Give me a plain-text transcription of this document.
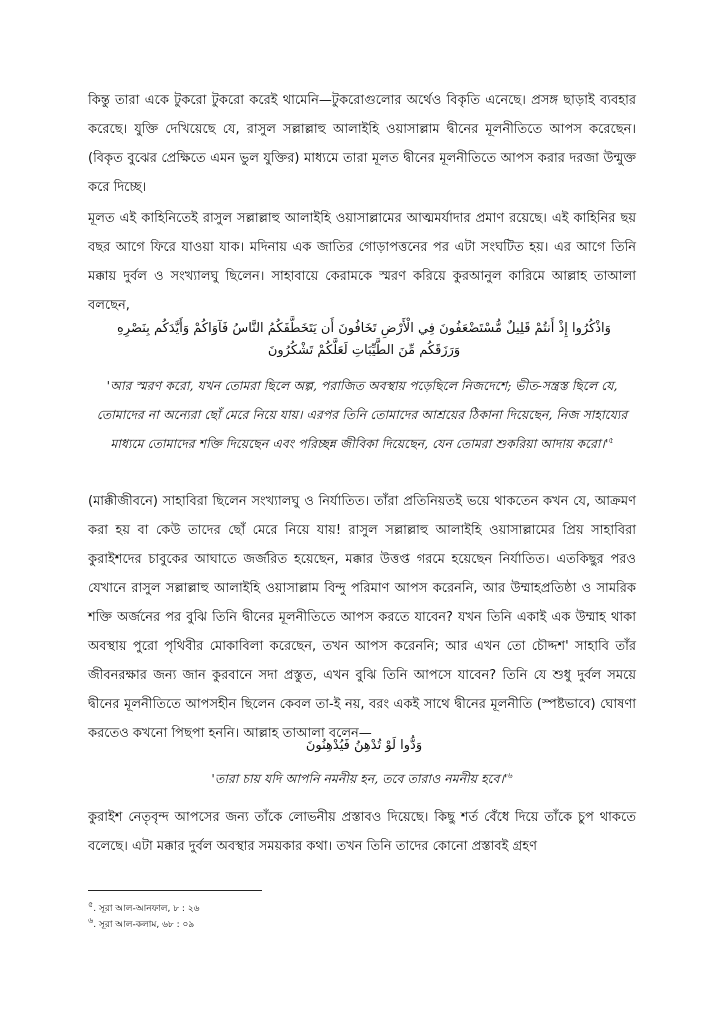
কিন্তু তারা একে টুকরো টুকরো করেই থামেনি—টুকরোগুলোর অর্থেও বিকৃতি এনেছে। প্রসঙ্গ ছাড়াই ব্যবহার করেছে। যুক্তি দেখিয়েছে যে, রাসুল সল্লাল্লাহু আলাইহি ওয়াসাল্লাম দ্বীনের মূলনীতিতে আপস করেছেন। (বিকৃত বুঝের প্রেক্ষিতে এমন ভুল যুক্তির) মাধ্যমে তারা মূলত দ্বীনের মূলনীতিতে আপস করার দরজা উন্মুক্ত করে দিচ্ছে।

মূলত এই কাহিনিতেই রাসুল সল্লাল্লাহু আলাইহি ওয়াসাল্লামের আত্মমর্যাদার প্রমাণ রয়েছে। এই কাহিনির ছয় বছর আগে ফিরে যাওয়া যাক। মদিনায় এক জাতির গোড়াপত্তনের পর এটা সংঘটিত হয়। এর আগে তিনি মক্কায় দুর্বল ও সংখ্যালঘু ছিলেন। সাহাবায়ে কেরামকে স্মরণ করিয়ে কুরআনুল কারিমে আল্লাহ তাআলা বলছেন,

وَاذْكُرُوا إِذْ أَنتُمْ قَلِيلٌ مُّسْتَضْعَفُونَ فِي الْأَرْضِ تَخَافُونَ أَن يَتَخَطَّفَكُمُ النَّاسُ فَآوَاكُمْ وَأَيَّدَكُم بِنَصْرِهِ وَرَزَقَكُم مِّنَ الطَّيِّبَاتِ لَعَلَّكُمْ تَشْكُرُونَ

'আর স্মরণ করো, যখন তোমরা ছিলে অল্প, পরাজিত অবস্থায় পড়েছিলে নিজদেশে; ভীত-সন্ত্রস্ত ছিলে যে, তোমাদের না অন্যেরা ছোঁ মেরে নিয়ে যায়। এরপর তিনি তোমাদের আশ্রয়ের ঠিকানা দিয়েছেন, নিজ সাহায্যের মাধ্যমে তোমাদের শক্তি দিয়েছেন এবং পরিচ্ছন্ন জীবিকা দিয়েছেন, যেন তোমরা শুকরিয়া আদায় $করো।'^৫$

(মাক্কীজীবনে) সাহাবিরা ছিলেন সংখ্যালঘু ও নির্যাতিত। তাঁরা প্রতিনিয়তই ভয়ে থাকতেন কখন যে, আক্রমণ করা হয় বা কেউ তাদের ছোঁ মেরে নিয়ে যায়! রাসুল সল্লাল্লাহু আলাইহি ওয়াসাল্লামের প্রিয় সাহাবিরা কুরাইশদের চাবুকের আঘাতে জর্জরিত হয়েছেন, মক্কার উত্তপ্ত গরমে হয়েছেন নির্যাতিত। এতকিছুর পরও যেখানে রাসুল সল্লাল্লাহু আলাইহি ওয়াসাল্লাম বিন্দু পরিমাণ আপস করেননি, আর উম্মাহপ্রতিষ্ঠা ও সামরিক শক্তি অর্জনের পর বুঝি তিনি দ্বীনের মূলনীতিতে আপস করতে যাবেন? যখন তিনি একাই এক উম্মাহ থাকা অবস্থায় পুরো পৃথিবীর মোকাবিলা করেছেন, তখন আপস করেননি; আর এখন তো চৌদ্দশ' সাহাবি তাঁর জীবনরক্ষার জন্য জান কুরবানে সদা প্রস্তুত, এখন বুঝি তিনি আপসে যাবেন? তিনি যে শুধু দুর্বল সময়ে দ্বীনের মূলনীতিতে আপসহীন ছিলেন কেবল তা-ই নয়, বরং একই সাথে দ্বীনের মূলনীতি (স্পষ্টভাবে) ঘোষণা করতেও কখনো পিছপা হননি। আল্লাহ তাআলা বলেন—

وَدُّوا لَوْ تُدْهِنُ فَيُدْهِنُونَ

'তারা চায় যদি আপনি নমনীয় হন, তবে তারাও নমনীয় $হবে।'^৬$

কুরাইশ নেতৃবৃন্দ আপসের জন্য তাঁকে লোভনীয় প্রস্তাবও দিয়েছে। কিছু শর্ত বেঁধে দিয়ে তাঁকে চুপ থাকতে বলেছে। এটা মক্কার দুর্বল অবস্থার সময়কার কথা। তখন তিনি তাদের কোনো প্রস্তাবই গ্রহণ

$^৫$. সূরা আল-আনফাল, ৮ : ২৬

$^৬$. সূরা আল-কলাম, ৬৮ : ০৯
